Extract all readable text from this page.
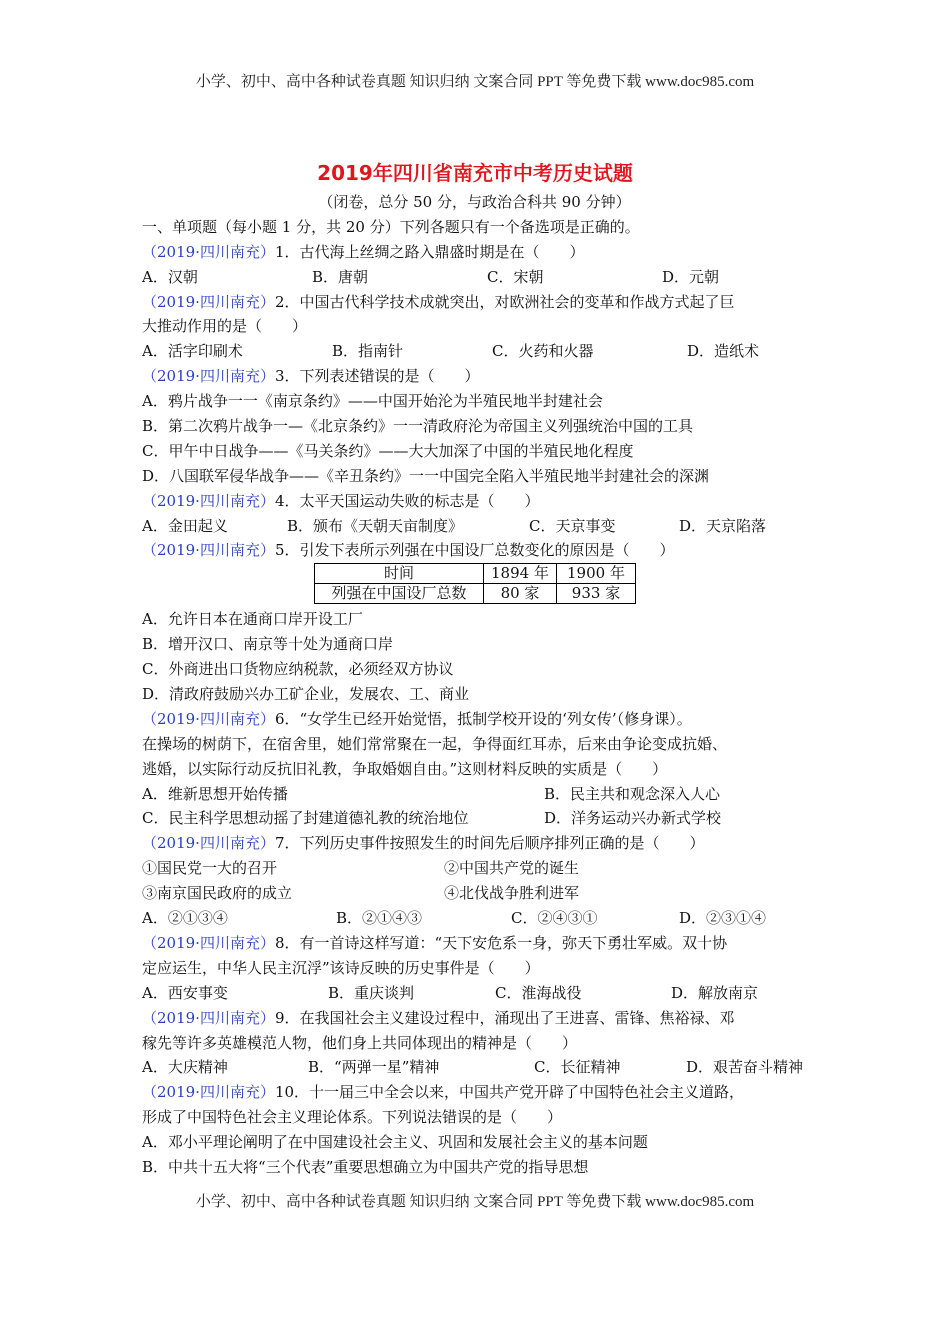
小学、初中、高中各种试卷真题 知识归纳 文案合同 PPT 等免费下载 www.doc985.com
2019年四川省南充市中考历史试题
（闭卷，总分 50 分，与政治合科共 90 分钟）
一、单项题（每小题 1 分，共 20 分）下列各题只有一个备选项是正确的。
（2019·四川南充）1．古代海上丝绸之路入鼎盛时期是在（　　）
A．汉朝	B．唐朝	C．宋朝	D．元朝
（2019·四川南充）2．中国古代科学技术成就突出，对欧洲社会的变革和作战方式起了巨
大推动作用的是（　　）
A．活字印刷术	B．指南针	C．火药和火器	D．造纸术
（2019·四川南充）3．下列表述错误的是（　　）
A．鸦片战争一一《南京条约》——中国开始沦为半殖民地半封建社会
B．第二次鸦片战争一—《北京条约》一一清政府沦为帝国主义列强统治中国的工具
C．甲午中日战争——《马关条约》——大大加深了中国的半殖民地化程度
D．八国联军侵华战争——《辛丑条约》一一中国完全陷入半殖民地半封建社会的深渊
（2019·四川南充）4．太平天国运动失败的标志是（　　）
A．金田起义	B．颁布《天朝天亩制度》	C．天京事变	D．天京陷落
（2019·四川南充）5．引发下表所示列强在中国设厂总数变化的原因是（　　）
时间	1894 年	1900 年
列强在中国设厂总数	80 家	933 家
A．允许日本在通商口岸开设工厂
B．增开汉口、南京等十处为通商口岸
C．外商进出口货物应纳税款，必须经双方协议
D．清政府鼓励兴办工矿企业，发展农、工、商业
（2019·四川南充）6．“女学生已经开始觉悟，抵制学校开设的‘列女传’（修身课）。
在操场的树荫下，在宿舍里，她们常常聚在一起，争得面红耳赤，后来由争论变成抗婚、
逃婚，以实际行动反抗旧礼教，争取婚姻自由。”这则材料反映的实质是（　　）
A．维新思想开始传播	B．民主共和观念深入人心
C．民主科学思想动摇了封建道德礼教的统治地位	D．洋务运动兴办新式学校
（2019·四川南充）7．下列历史事件按照发生的时间先后顺序排列正确的是（　　）
①国民党一大的召开	②中国共产党的诞生
③南京国民政府的成立	④北伐战争胜利进军
A．②①③④	B．②①④③	C．②④③①	D．②③①④
（2019·四川南充）8．有一首诗这样写道：“天下安危系一身，弥天下勇壮军威。双十协
定应运生，中华人民主沉浮”该诗反映的历史事件是（　　）
A．西安事变	B．重庆谈判	C．淮海战役	D．解放南京
（2019·四川南充）9．在我国社会主义建设过程中，涌现出了王进喜、雷锋、焦裕禄、邓
稼先等许多英雄模范人物，他们身上共同体现出的精神是（　　）
A．大庆精神	B．“两弹一星”精神	C．长征精神	D．艰苦奋斗精神
（2019·四川南充）10．十一届三中全会以来，中国共产党开辟了中国特色社会主义道路，
形成了中国特色社会主义理论体系。下列说法错误的是（　　）
A．邓小平理论阐明了在中国建设社会主义、巩固和发展社会主义的基本问题
B．中共十五大将“三个代表”重要思想确立为中国共产党的指导思想
小学、初中、高中各种试卷真题 知识归纳 文案合同 PPT 等免费下载 www.doc985.com
